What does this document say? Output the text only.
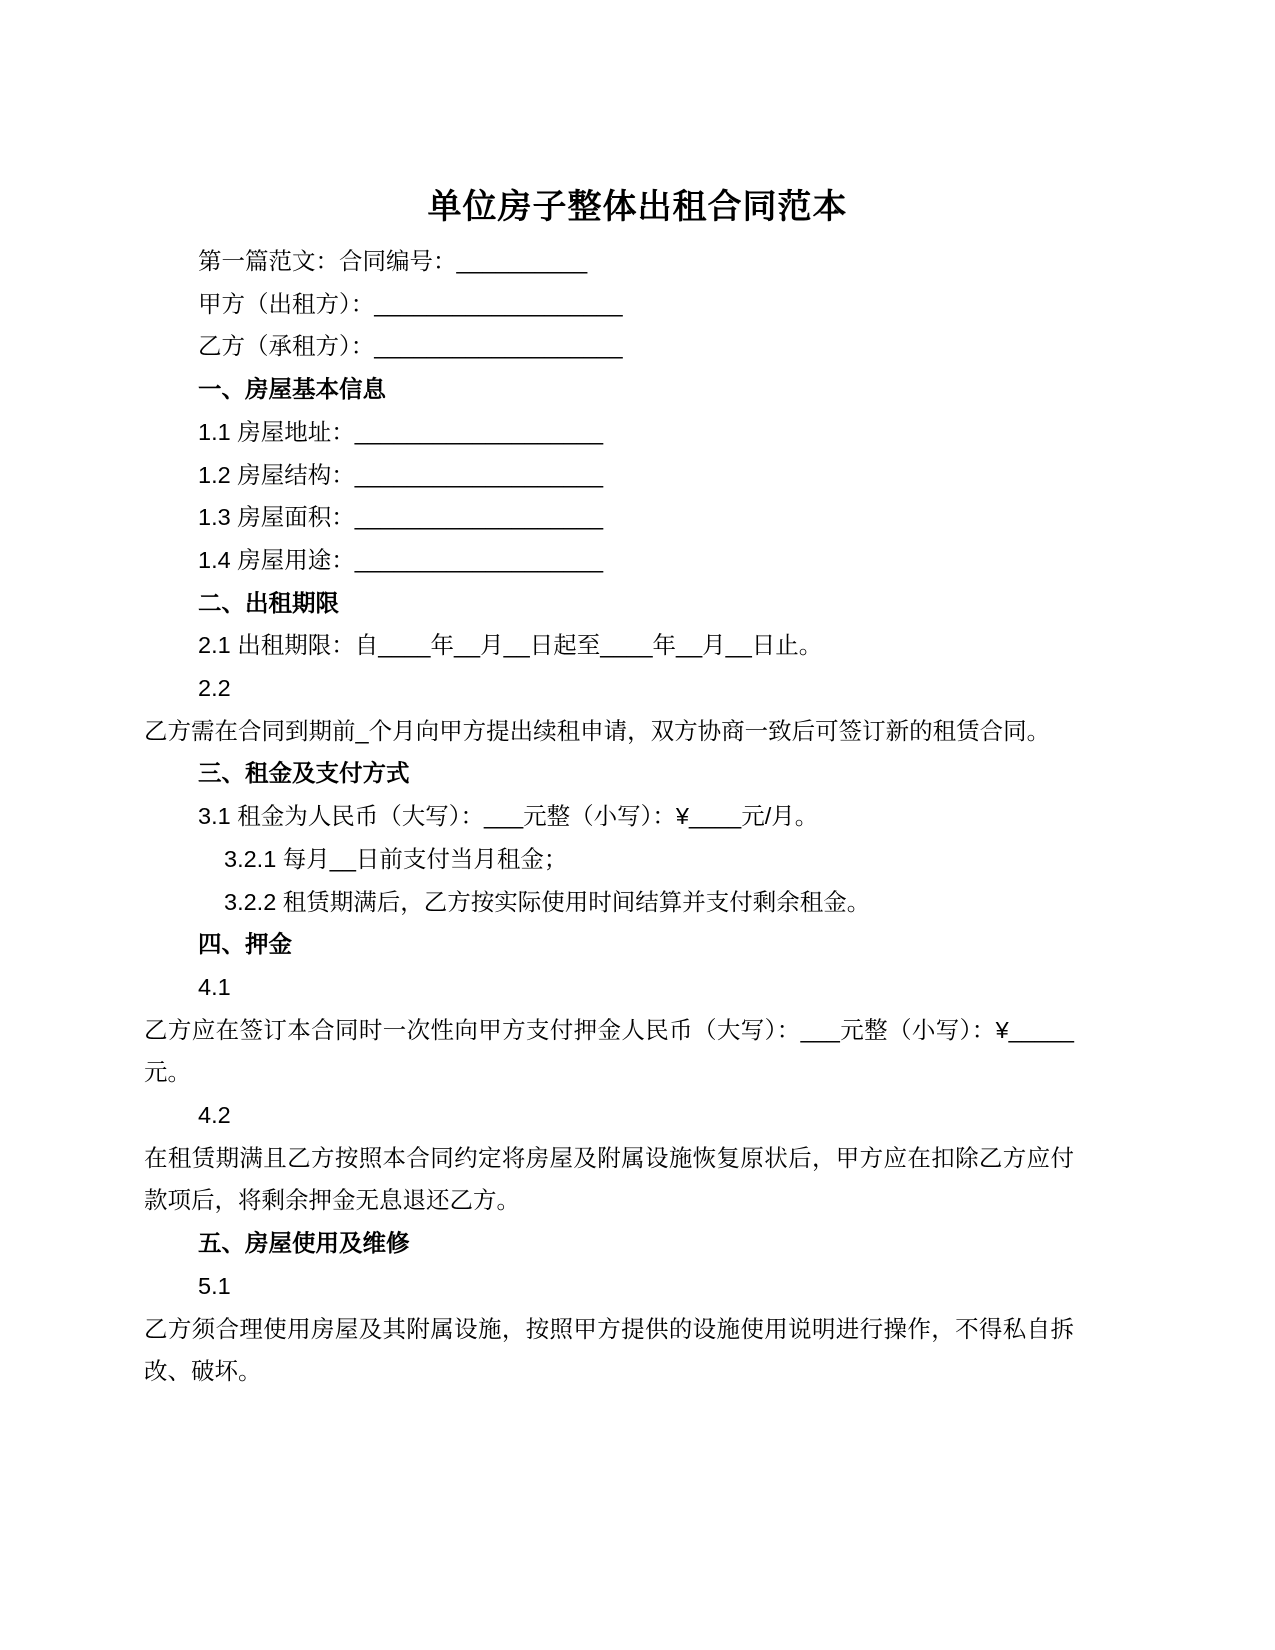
单位房子整体出租合同范本

第一篇范文：合同编号：__________

甲方（出租方）：___________________

乙方（承租方）：___________________

一、房屋基本信息

1.1 房屋地址：___________________

1.2 房屋结构：___________________

1.3 房屋面积：___________________

1.4 房屋用途：___________________

二、出租期限

2.1 出租期限：自____年__月__日起至____年__月__日止。

2.2

乙方需在合同到期前_个月向甲方提出续租申请，双方协商一致后可签订新的租赁合同。

三、租金及支付方式

3.1 租金为人民币（大写）：___元整（小写）：¥____元/月。

3.2.1 每月__日前支付当月租金；

3.2.2 租赁期满后，乙方按实际使用时间结算并支付剩余租金。

四、押金

4.1

乙方应在签订本合同时一次性向甲方支付押金人民币（大写）：___元整（小写）：¥_____元。

4.2

在租赁期满且乙方按照本合同约定将房屋及附属设施恢复原状后，甲方应在扣除乙方应付款项后，将剩余押金无息退还乙方。

五、房屋使用及维修

5.1

乙方须合理使用房屋及其附属设施，按照甲方提供的设施使用说明进行操作，不得私自拆改、破坏。
